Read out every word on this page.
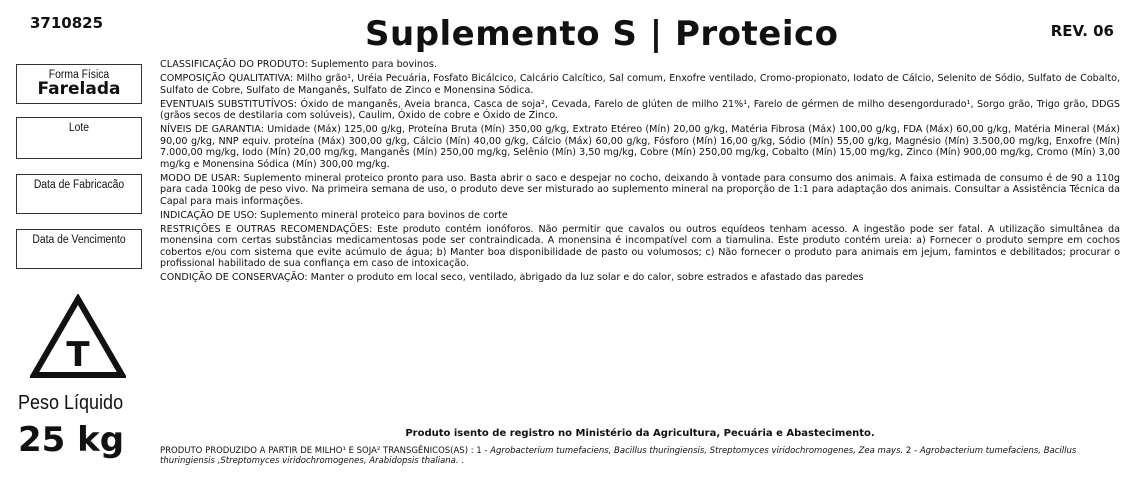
3710825	Suplemento S | Proteico	REV. 06
Forma Física
Farelada
Lote
Data de Fabricacão
Data de Vencimento
T
Peso Líquido
25 kg

CLASSIFICAÇÃO DO PRODUTO: Suplemento para bovinos.

COMPOSIÇÃO QUALITATIVA: Milho grão¹, Uréia Pecuária, Fosfato Bicálcico, Calcário Calcítico, Sal comum, Enxofre ventilado, Cromo-propionato, Iodato de Cálcio, Selenito de Sódio, Sulfato de Cobalto, Sulfato de Cobre, Sulfato de Manganês, Sulfato de Zinco e Monensina Sódica.

EVENTUAIS SUBSTITUTÍVOS: Óxido de manganês, Aveia branca, Casca de soja², Cevada, Farelo de glúten de milho 21%¹, Farelo de gérmen de milho desengordurado¹, Sorgo grão, Trigo grão, DDGS (grãos secos de destilaria com solúveis), Caulim, Óxido de cobre e Óxido de Zinco.

NÍVEIS DE GARANTIA: Umidade (Máx) 125,00 g/kg, Proteína Bruta (Mín) 350,00 g/kg, Extrato Etéreo (Mín) 20,00 g/kg, Matéria Fibrosa (Máx) 100,00 g/kg, FDA (Máx) 60,00 g/kg, Matéria Mineral (Máx) 90,00 g/kg, NNP equiv. proteína (Máx) 300,00 g/kg, Cálcio (Mín) 40,00 g/kg, Cálcio (Máx) 60,00 g/kg, Fósforo (Mín) 16,00 g/kg, Sódio (Mín) 55,00 g/kg, Magnésio (Mín) 3.500,00 mg/kg, Enxofre (Mín) 7.000,00 mg/kg, Iodo (Mín) 20,00 mg/kg, Manganês (Mín) 250,00 mg/kg, Selênio (Mín) 3,50 mg/kg, Cobre (Mín) 250,00 mg/kg, Cobalto (Mín) 15,00 mg/kg, Zinco (Mín) 900,00 mg/kg, Cromo (Mín) 3,00 mg/kg e Monensina Sódica (Mín) 300,00 mg/kg.

MODO DE USAR: Suplemento mineral proteico pronto para uso. Basta abrir o saco e despejar no cocho, deixando à vontade para consumo dos animais. A faixa estimada de consumo é de 90 a 110g para cada 100kg de peso vivo. Na primeira semana de uso, o produto deve ser misturado ao suplemento mineral na proporção de 1:1 para adaptação dos animais. Consultar a Assistência Técnica da Capal para mais informações.

INDICAÇÃO DE USO: Suplemento mineral proteico para bovinos de corte

RESTRIÇÕES E OUTRAS RECOMENDAÇÕES: Este produto contém ionóforos. Não permitir que cavalos ou outros equídeos tenham acesso. A ingestão pode ser fatal. A utilização simultânea da monensina com certas substâncias medicamentosas pode ser contraindicada. A monensina é incompatível com a tiamulina. Este produto contém ureia: a) Fornecer o produto sempre em cochos cobertos e/ou com sistema que evite acúmulo de água; b) Manter boa disponibilidade de pasto ou volumosos; c) Não fornecer o produto para animais em jejum, famintos e debilitados; procurar o profissional habilitado de sua confiança em caso de intoxicação.

CONDIÇÃO DE CONSERVAÇÃO: Manter o produto em local seco, ventilado, abrigado da luz solar e do calor, sobre estrados e afastado das paredes

Produto isento de registro no Ministério da Agricultura, Pecuária e Abastecimento.
PRODUTO PRODUZIDO A PARTIR DE MILHO¹ E SOJA² TRANSGÊNICOS(AS) : 1 - Agrobacterium tumefaciens, Bacillus thuringiensis, Streptomyces viridochromogenes, Zea mays. 2 - Agrobacterium tumefaciens, Bacillus thuringiensis ,Streptomyces viridochromogenes, Arabidopsis thaliana. .
